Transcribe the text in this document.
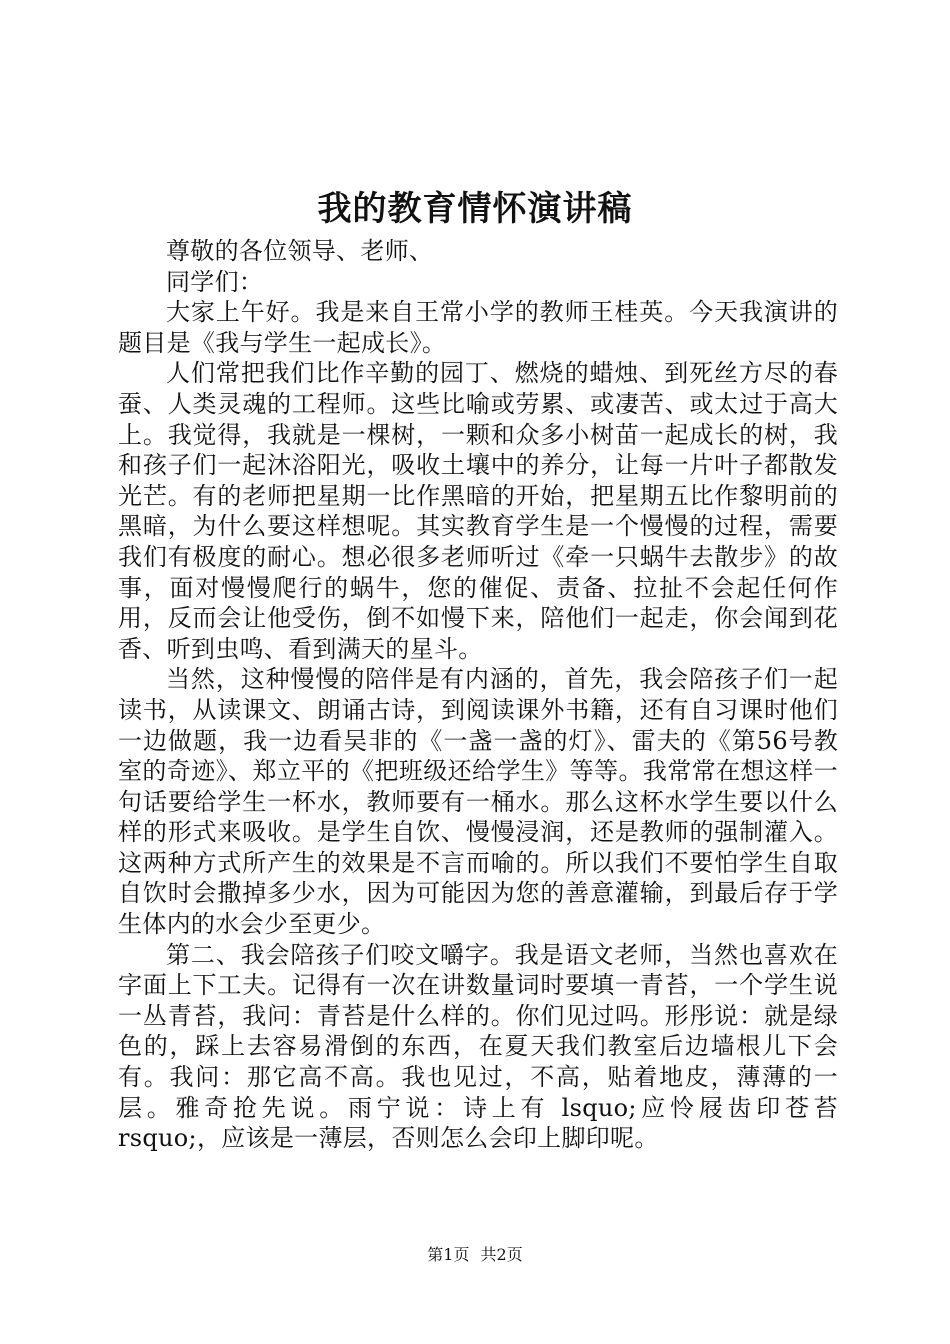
我的教育情怀演讲稿

尊敬的各位领导、老师、

同学们：

大家上午好。我是来自王常小学的教师王桂英。今天我演讲的题目是《我与学生一起成长》。

人们常把我们比作辛勤的园丁、燃烧的蜡烛、到死丝方尽的春蚕、人类灵魂的工程师。这些比喻或劳累、或凄苦、或太过于高大上。我觉得，我就是一棵树，一颗和众多小树苗一起成长的树，我和孩子们一起沐浴阳光，吸收土壤中的养分，让每一片叶子都散发光芒。有的老师把星期一比作黑暗的开始，把星期五比作黎明前的黑暗，为什么要这样想呢。其实教育学生是一个慢慢的过程，需要我们有极度的耐心。想必很多老师听过《牵一只蜗牛去散步》的故事，面对慢慢爬行的蜗牛，您的催促、责备、拉扯不会起任何作用，反而会让他受伤，倒不如慢下来，陪他们一起走，你会闻到花香、听到虫鸣、看到满天的星斗。

当然，这种慢慢的陪伴是有内涵的，首先，我会陪孩子们一起读书，从读课文、朗诵古诗，到阅读课外书籍，还有自习课时他们一边做题，我一边看吴非的《一盏一盏的灯》、雷夫的《第56号教室的奇迹》、郑立平的《把班级还给学生》等等。我常常在想这样一句话要给学生一杯水，教师要有一桶水。那么这杯水学生要以什么样的形式来吸收。是学生自饮、慢慢浸润，还是教师的强制灌入。这两种方式所产生的效果是不言而喻的。所以我们不要怕学生自取自饮时会撒掉多少水，因为可能因为您的善意灌输，到最后存于学生体内的水会少至更少。

第二、我会陪孩子们咬文嚼字。我是语文老师，当然也喜欢在字面上下工夫。记得有一次在讲数量词时要填一青苔，一个学生说一丛青苔，我问：青苔是什么样的。你们见过吗。形彤说：就是绿色的，踩上去容易滑倒的东西，在夏天我们教室后边墙根儿下会有。我问：那它高不高。我也见过，不高，贴着地皮，薄薄的一层。雅奇抢先说。雨宁说：诗上有 lsquo;应怜屐齿印苍苔 rsquo;，应该是一薄层，否则怎么会印上脚印呢。

第1页 共2页
